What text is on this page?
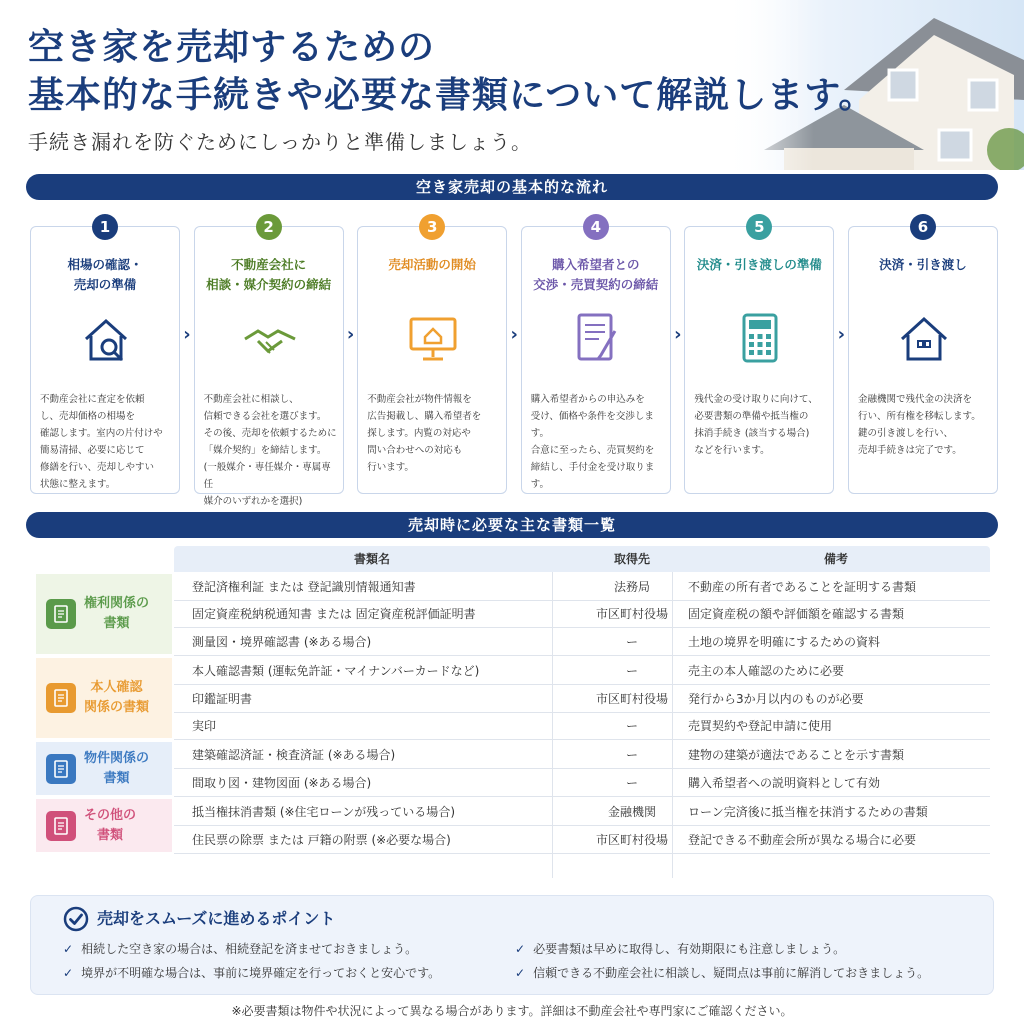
空き家を売却するための
基本的な手続きや必要な書類について解説します。
手続き漏れを防ぐためにしっかりと準備しましょう。
空き家売却の基本的な流れ
1
相場の確認・
売却の準備
不動産会社に査定を依頼
し、売却価格の相場を
確認します。室内の片付けや
簡易清掃、必要に応じて
修繕を行い、売却しやすい
状態に整えます。
›
2
不動産会社に
相談・媒介契約の締結
不動産会社に相談し、
信頼できる会社を選びます。
その後、売却を依頼するために
「媒介契約」を締結します。
(一般媒介・専任媒介・専属専任
媒介のいずれかを選択)
›
3
売却活動の開始
不動産会社が物件情報を
広告掲載し、購入希望者を
探します。内覧の対応や
問い合わせへの対応も
行います。
›
4
購入希望者との
交渉・売買契約の締結
購入希望者からの申込みを
受け、価格や条件を交渉します。
合意に至ったら、売買契約を
締結し、手付金を受け取ります。
›
5
決済・引き渡しの準備
残代金の受け取りに向けて、
必要書類の準備や抵当権の
抹消手続き (該当する場合)
などを行います。
›
6
決済・引き渡し
金融機関で残代金の決済を
行い、所有権を移転します。
鍵の引き渡しを行い、
売却手続きは完了です。
売却時に必要な主な書類一覧
書類名	取得先	備考
権利関係の
書類
登記済権利証 または 登記識別情報通知書	法務局	不動産の所有者であることを証明する書類
固定資産税納税通知書 または 固定資産税評価証明書	市区町村役場	固定資産税の額や評価額を確認する書類
測量図・境界確認書 (※ある場合)	ー	土地の境界を明確にするための資料
本人確認
関係の書類
本人確認書類 (運転免許証・マイナンバーカードなど)	ー	売主の本人確認のために必要
印鑑証明書	市区町村役場	発行から3か月以内のものが必要
実印	ー	売買契約や登記申請に使用
物件関係の
書類
建築確認済証・検査済証 (※ある場合)	ー	建物の建築が適法であることを示す書類
間取り図・建物図面 (※ある場合)	ー	購入希望者への説明資料として有効
その他の
書類
抵当権抹消書類 (※住宅ローンが残っている場合)	金融機関	ローン完済後に抵当権を抹消するための書類
住民票の除票 または 戸籍の附票 (※必要な場合)	市区町村役場	登記できる不動産会所が異なる場合に必要
売却をスムーズに進めるポイント
✓ 相続した空き家の場合は、相続登記を済ませておきましょう。	✓ 必要書類は早めに取得し、有効期限にも注意しましょう。
✓ 境界が不明確な場合は、事前に境界確定を行っておくと安心です。	✓ 信頼できる不動産会社に相談し、疑問点は事前に解消しておきましょう。
※必要書類は物件や状況によって異なる場合があります。詳細は不動産会社や専門家にご確認ください。
